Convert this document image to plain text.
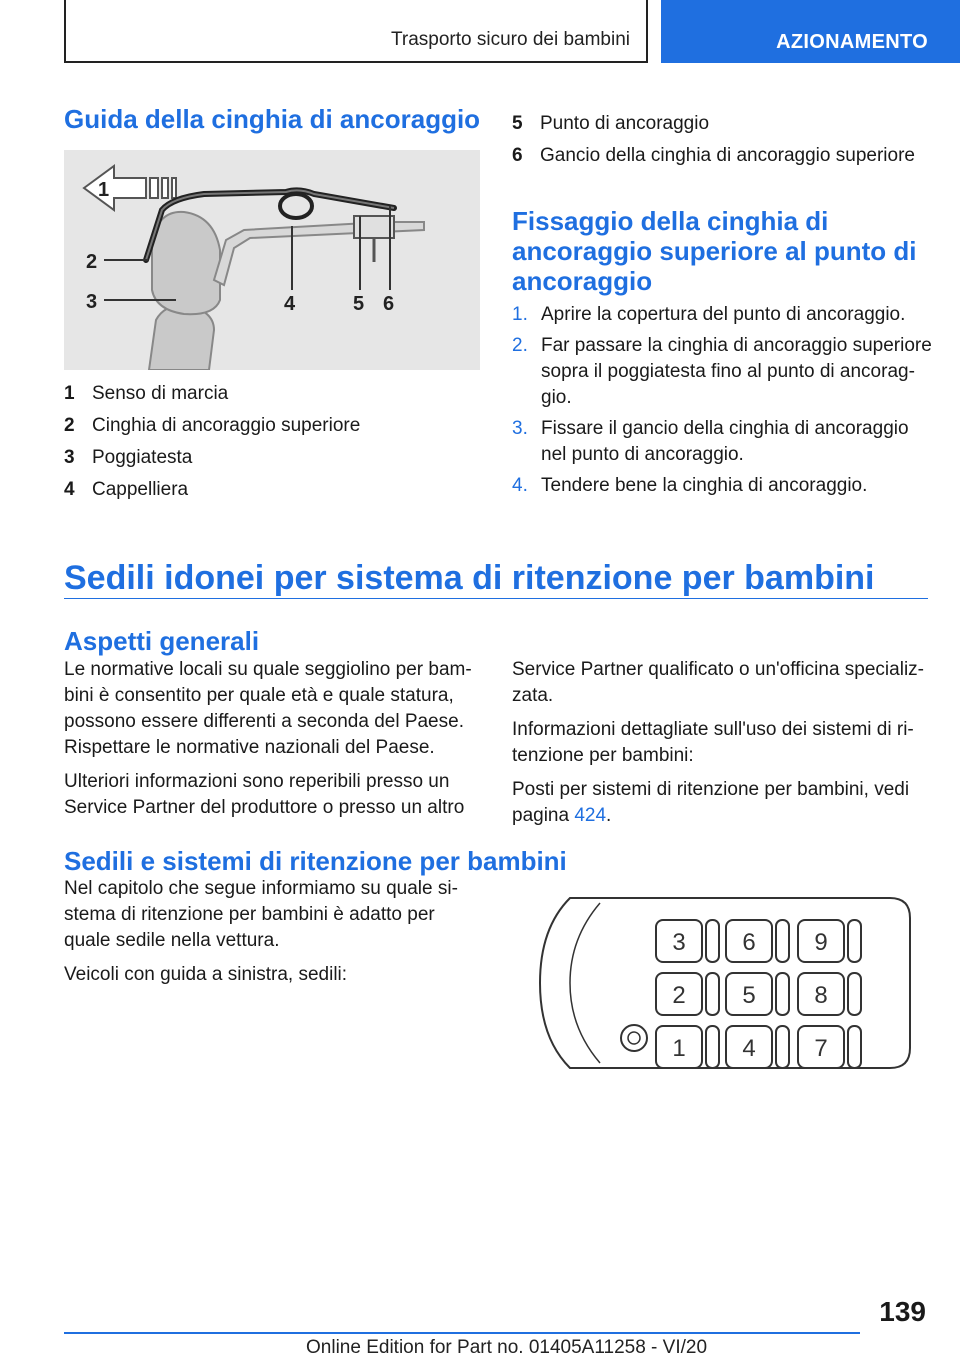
Trasporto sicuro dei bambini	AZIONAMENTO
Guida della cinghia di ancoraggio
1
2
3	4	5 6
1 Senso di marcia
2 Cinghia di ancoraggio superiore
3 Poggiatesta
4 Cappelliera
5 Punto di ancoraggio
6 Gancio della cinghia di ancoraggio superiore
Fissaggio della cinghia di ancoraggio superiore al punto di ancoraggio
1. Aprire la copertura del punto di ancoraggio.
2. Far passare la cinghia di ancoraggio superiore sopra il poggiatesta fino al punto di ancorag‐gio.
3. Fissare il gancio della cinghia di ancoraggio nel punto di ancoraggio.
4. Tendere bene la cinghia di ancoraggio.
Sedili idonei per sistema di ritenzione per bambini
Aspetti generali

Le normative locali su quale seggiolino per bam‐bini è consentito per quale età e quale statura, possono essere differenti a seconda del Paese. Rispettare le normative nazionali del Paese.

Ulteriori informazioni sono reperibili presso un Service Partner del produttore o presso un altro

Service Partner qualificato o un'officina specializ‐zata.

Informazioni dettagliate sull'uso dei sistemi di ri‐tenzione per bambini:

Posti per sistemi di ritenzione per bambini, vedi pagina 424.

Sedili e sistemi di ritenzione per bambini

Nel capitolo che segue informiamo su quale si‐stema di ritenzione per bambini è adatto per quale sedile nella vettura.

Veicoli con guida a sinistra, sedili:

3 6 9
2 5 8
1 4 7
139
Online Edition for Part no. 01405A11258 - VI/20
